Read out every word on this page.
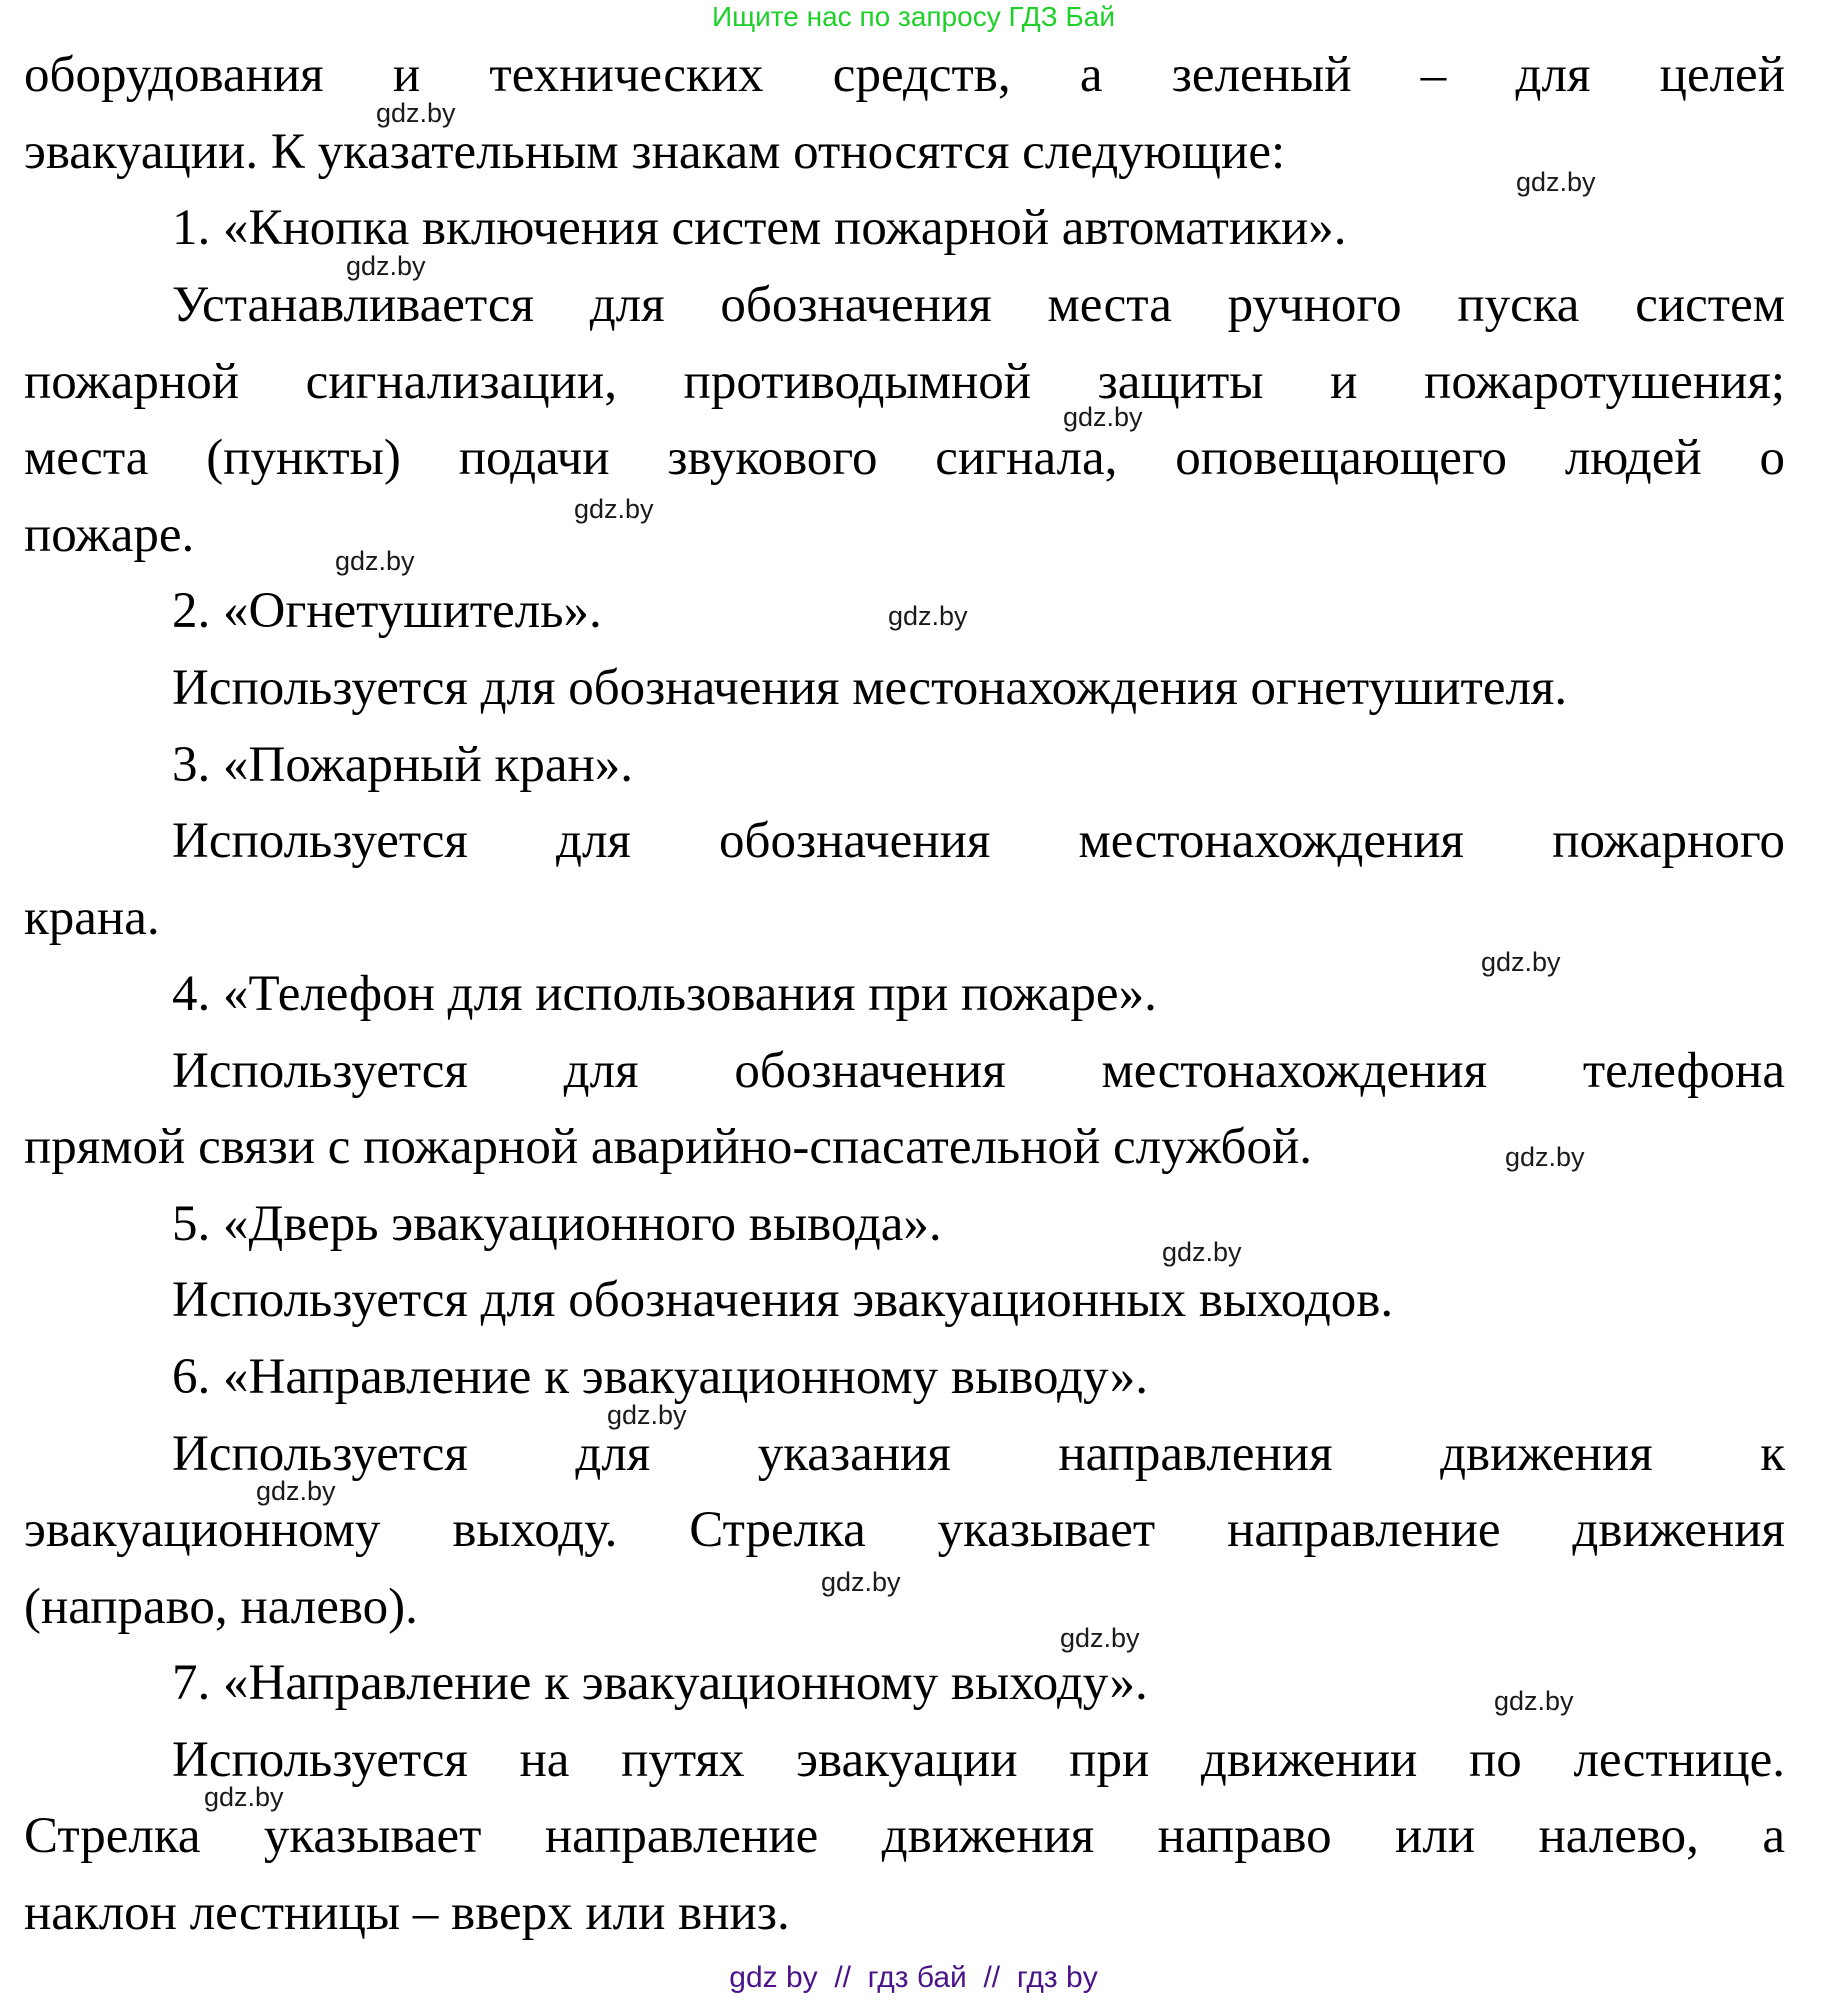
Ищите нас по запросу ГДЗ Бай
оборудования и технических средств, а зеленый – для целей
эвакуации. К указательным знакам относятся следующие:
1. «Кнопка включения систем пожарной автоматики».
Устанавливается для обозначения места ручного пуска систем
пожарной сигнализации, противодымной защиты и пожаротушения;
места (пункты) подачи звукового сигнала, оповещающего людей о
пожаре.
2. «Огнетушитель».
Используется для обозначения местонахождения огнетушителя.
3. «Пожарный кран».
Используется для обозначения местонахождения пожарного
крана.
4. «Телефон для использования при пожаре».
Используется для обозначения местонахождения телефона
прямой связи с пожарной аварийно-спасательной службой.
5. «Дверь эвакуационного вывода».
Используется для обозначения эвакуационных выходов.
6. «Направление к эвакуационному выводу».
Используется для указания направления движения к
эвакуационному выходу. Стрелка указывает направление движения
(направо, налево).
7. «Направление к эвакуационному выходу».
Используется на путях эвакуации при движении по лестнице.
Стрелка указывает направление движения направо или налево, а
наклон лестницы – вверх или вниз.
gdz.by
gdz.by
gdz.by
gdz.by
gdz.by
gdz.by
gdz.by
gdz.by
gdz.by
gdz.by
gdz.by
gdz.by
gdz.by
gdz.by
gdz.by
gdz.by
gdz by  //  гдз бай  //  гдз by
